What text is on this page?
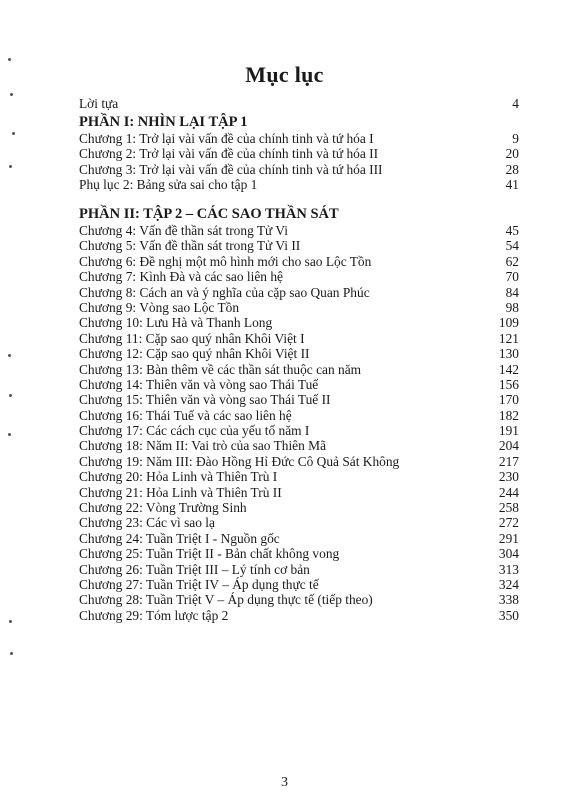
Mục lục
Lời tựa	4
PHẦN I: NHÌN LẠI TẬP 1
Chương 1: Trở lại vài vấn đề của chính tinh và tứ hóa I	9
Chương 2: Trở lại vài vấn đề của chính tinh và tứ hóa II	20
Chương 3: Trở lại vài vấn đề của chính tinh và tứ hóa III	28
Phụ lục 2: Bảng sửa sai cho tập 1	41
PHẦN II: TẬP 2 – CÁC SAO THẦN SÁT
Chương 4: Vấn đề thần sát trong Tử Vi	45
Chương 5: Vấn đề thần sát trong Tử Vi II	54
Chương 6: Đề nghị một mô hình mới cho sao Lộc Tồn	62
Chương 7: Kình Đà và các sao liên hệ	70
Chương 8: Cách an và ý nghĩa của cặp sao Quan Phúc	84
Chương 9: Vòng sao Lộc Tồn	98
Chương 10: Lưu Hà và Thanh Long	109
Chương 11: Cặp sao quý nhân Khôi Việt I	121
Chương 12: Cặp sao quý nhân Khôi Việt II	130
Chương 13: Bàn thêm về các thần sát thuộc can năm	142
Chương 14: Thiên văn và vòng sao Thái Tuế	156
Chương 15: Thiên văn và vòng sao Thái Tuế II	170
Chương 16: Thái Tuế và các sao liên hệ	182
Chương 17: Các cách cục của yếu tố năm I	191
Chương 18: Năm II: Vai trò của sao Thiên Mã	204
Chương 19: Năm III: Đào Hồng Hỉ Đức Cô Quả Sát Không	217
Chương 20: Hỏa Linh và Thiên Trù I	230
Chương 21: Hỏa Linh và Thiên Trù II	244
Chương 22: Vòng Trường Sinh	258
Chương 23: Các vì sao lạ	272
Chương 24: Tuần Triệt I - Nguồn gốc	291
Chương 25: Tuần Triệt II - Bản chất không vong	304
Chương 26: Tuần Triệt III – Lý tính cơ bản	313
Chương 27: Tuần Triệt IV – Áp dụng thực tế	324
Chương 28: Tuần Triệt V – Áp dụng thực tế (tiếp theo)	338
Chương 29: Tóm lược tập 2	350
3
